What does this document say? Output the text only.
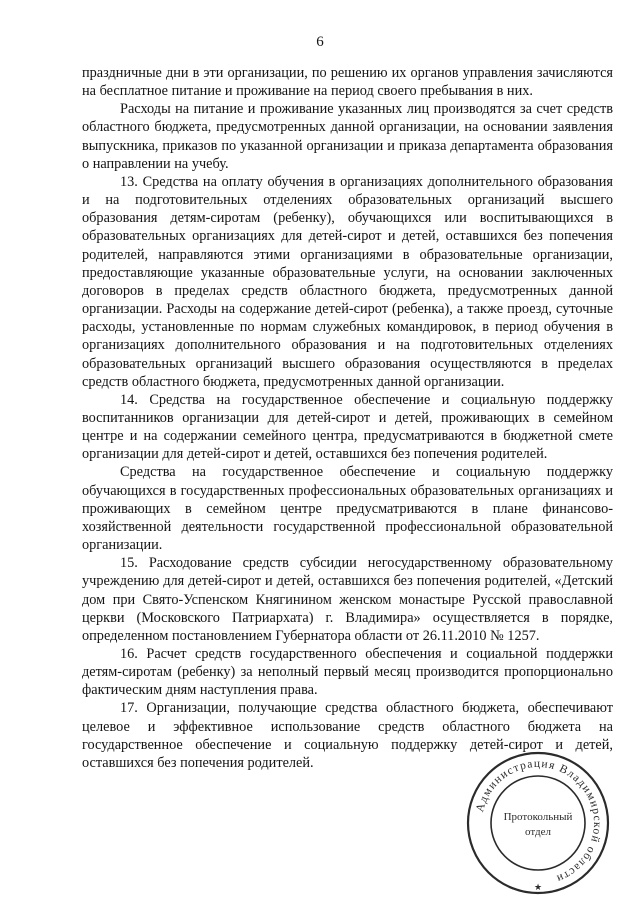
6

праздничные дни в эти организации, по решению их органов управления зачисляются на бесплатное питание и проживание на период своего пребывания в них.

Расходы на питание и проживание указанных лиц производятся за счет средств областного бюджета, предусмотренных данной организации, на основании заявления выпускника, приказов по указанной организации и приказа департамента образования о направлении на учебу.

13. Средства на оплату обучения в организациях дополнительного образования и на подготовительных отделениях образовательных организаций высшего образования детям-сиротам (ребенку), обучающихся или воспитывающихся в образовательных организациях для детей-сирот и детей, оставшихся без попечения родителей, направляются этими организациями в образовательные организации, предоставляющие указанные образовательные услуги, на основании заключенных договоров в пределах средств областного бюджета, предусмотренных данной организации. Расходы на содержание детей-сирот (ребенка), а также проезд, суточные расходы, установленные по нормам служебных командировок, в период обучения в организациях дополнительного образования и на подготовительных отделениях образовательных организаций высшего образования осуществляются в пределах средств областного бюджета, предусмотренных данной организации.

14. Средства на государственное обеспечение и социальную поддержку воспитанников организации для детей-сирот и детей, проживающих в семейном центре и на содержании семейного центра, предусматриваются в бюджетной смете организации для детей-сирот и детей, оставшихся без попечения родителей.

Средства на государственное обеспечение и социальную поддержку обучающихся в государственных профессиональных образовательных организациях и проживающих в семейном центре предусматриваются в плане финансово-хозяйственной деятельности государственной профессиональной образовательной организации.

15. Расходование средств субсидии негосударственному образовательному учреждению для детей-сирот и детей, оставшихся без попечения родителей, «Детский дом при Свято-Успенском Княгинином женском монастыре Русской православной церкви (Московского Патриархата) г. Владимира» осуществляется в порядке, определенном постановлением Губернатора области от 26.11.2010 № 1257.

16. Расчет средств государственного обеспечения и социальной поддержки детям-сиротам (ребенку) за неполный первый месяц производится пропорционально фактическим дням наступления права.

17. Организации, получающие средства областного бюджета, обеспечивают целевое и эффективное использование средств областного бюджета на государственное обеспечение и социальную поддержку детей-сирот и детей, оставшихся без попечения родителей.

Администрация Владимирской области
Протокольный
отдел
★
